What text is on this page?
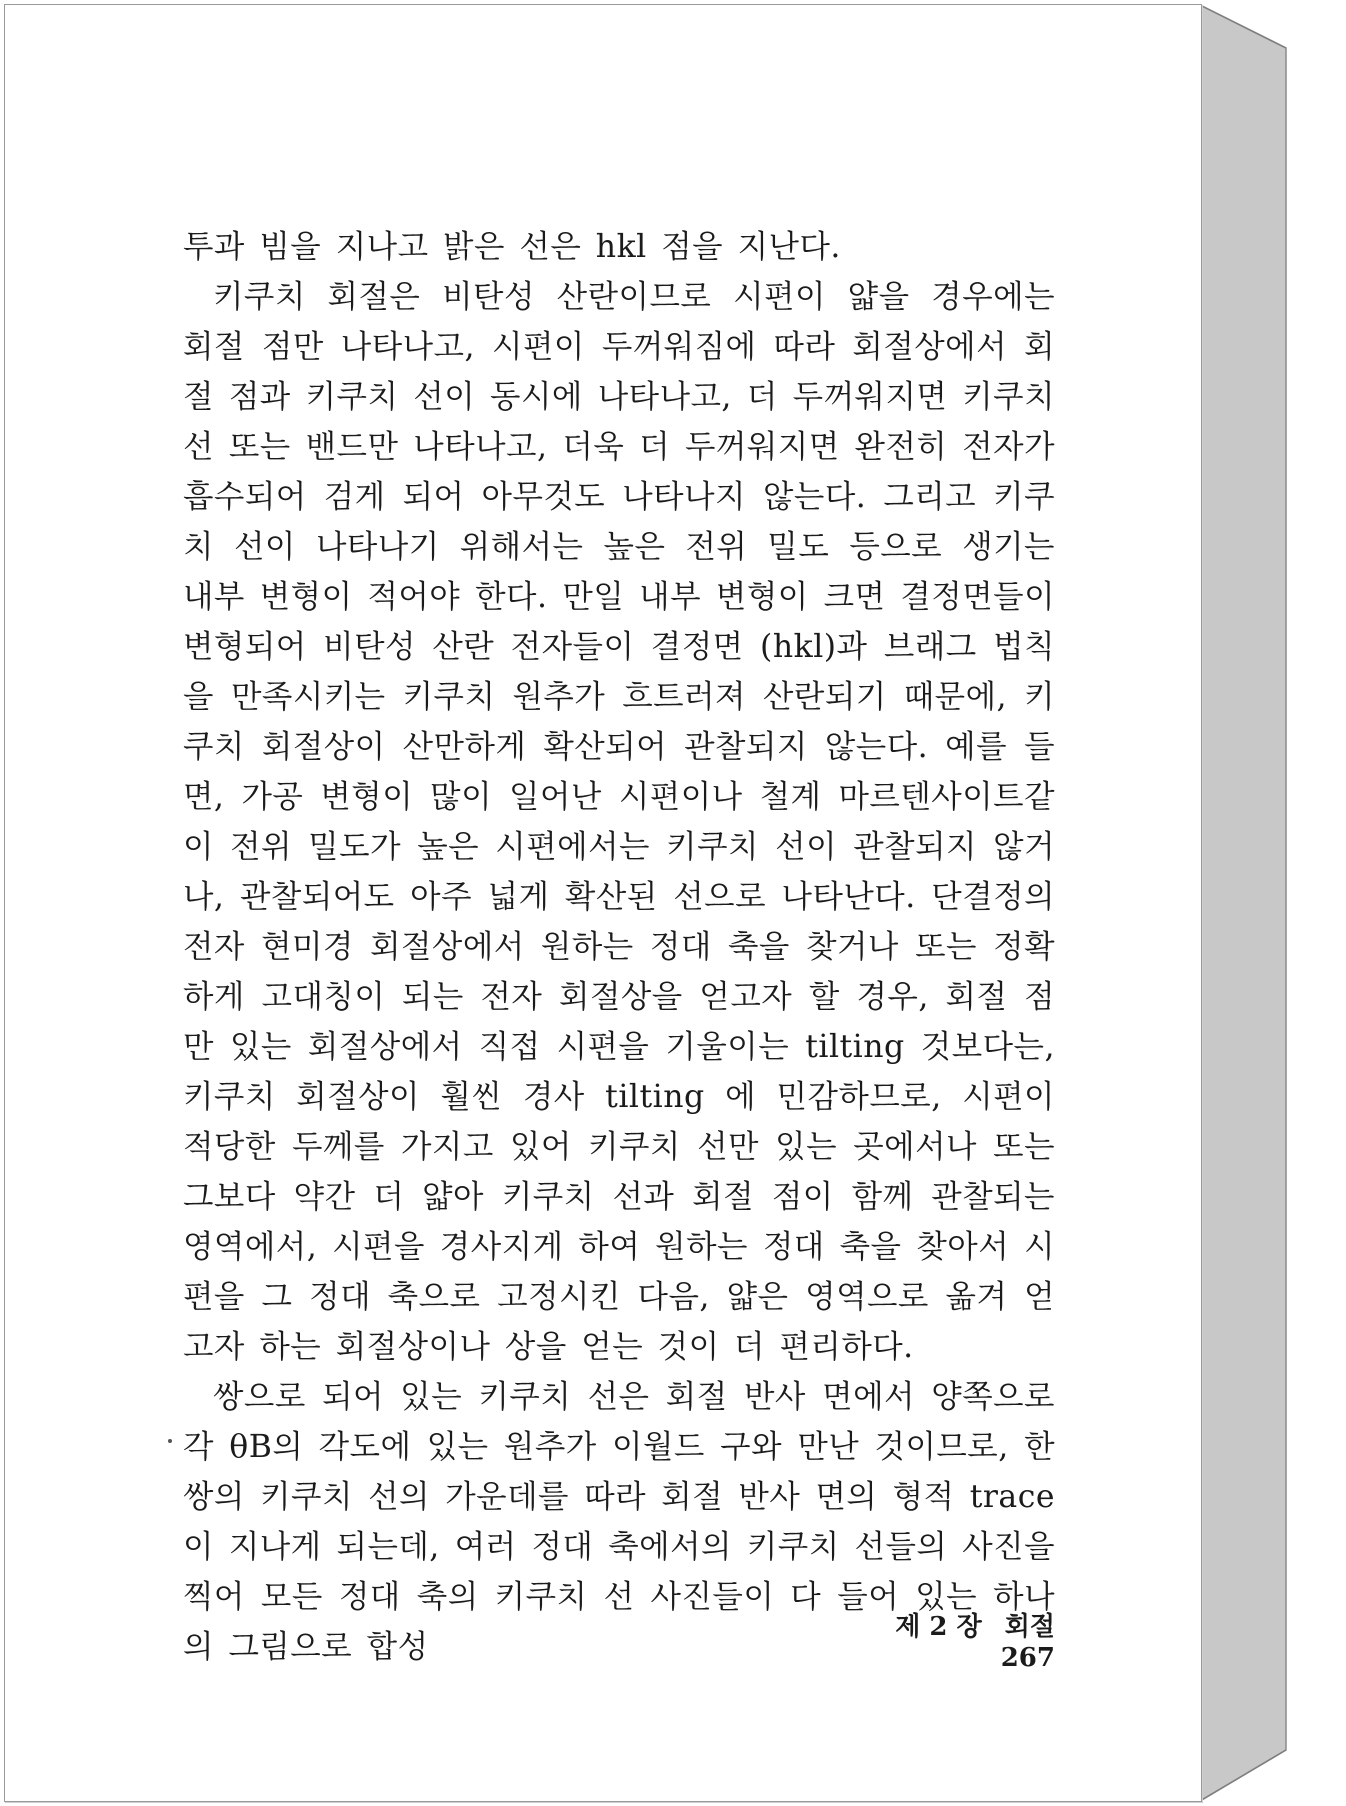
투과 빔을 지나고 밝은 선은 hkl 점을 지난다.

키쿠치 회절은 비탄성 산란이므로 시편이 얇을 경우에는 회절 점만 나타나고, 시편이 두꺼워짐에 따라 회절상에서 회절 점과 키쿠치 선이 동시에 나타나고, 더 두꺼워지면 키쿠치 선 또는 밴드만 나타나고, 더욱 더 두꺼워지면 완전히 전자가 흡수되어 검게 되어 아무것도 나타나지 않는다. 그리고 키쿠치 선이 나타나기 위해서는 높은 전위 밀도 등으로 생기는 내부 변형이 적어야 한다. 만일 내부 변형이 크면 결정면들이 변형되어 비탄성 산란 전자들이 결정면 (hkl)과 브래그 법칙을 만족시키는 키쿠치 원추가 흐트러져 산란되기 때문에, 키쿠치 회절상이 산만하게 확산되어 관찰되지 않는다. 예를 들면, 가공 변형이 많이 일어난 시편이나 철계 마르텐사이트같이 전위 밀도가 높은 시편에서는 키쿠치 선이 관찰되지 않거나, 관찰되어도 아주 넓게 확산된 선으로 나타난다. 단결정의 전자 현미경 회절상에서 원하는 정대 축을 찾거나 또는 정확하게 고대칭이 되는 전자 회절상을 얻고자 할 경우, 회절 점만 있는 회절상에서 직접 시편을 기울이는 tilting 것보다는, 키쿠치 회절상이 훨씬 경사 tilting 에 민감하므로, 시편이 적당한 두께를 가지고 있어 키쿠치 선만 있는 곳에서나 또는 그보다 약간 더 얇아 키쿠치 선과 회절 점이 함께 관찰되는 영역에서, 시편을 경사지게 하여 원하는 정대 축을 찾아서 시편을 그 정대 축으로 고정시킨 다음, 얇은 영역으로 옮겨 얻고자 하는 회절상이나 상을 얻는 것이 더 편리하다.

쌍으로 되어 있는 키쿠치 선은 회절 반사 면에서 양쪽으로 각 θB의 각도에 있는 원추가 이월드 구와 만난 것이므로, 한 쌍의 키쿠치 선의 가운데를 따라 회절 반사 면의 형적 trace 이 지나게 되는데, 여러 정대 축에서의 키쿠치 선들의 사진을 찍어 모든 정대 축의 키쿠치 선 사진들이 다 들어 있는 하나의 그림으로 합성

제 2 장 회절 267
